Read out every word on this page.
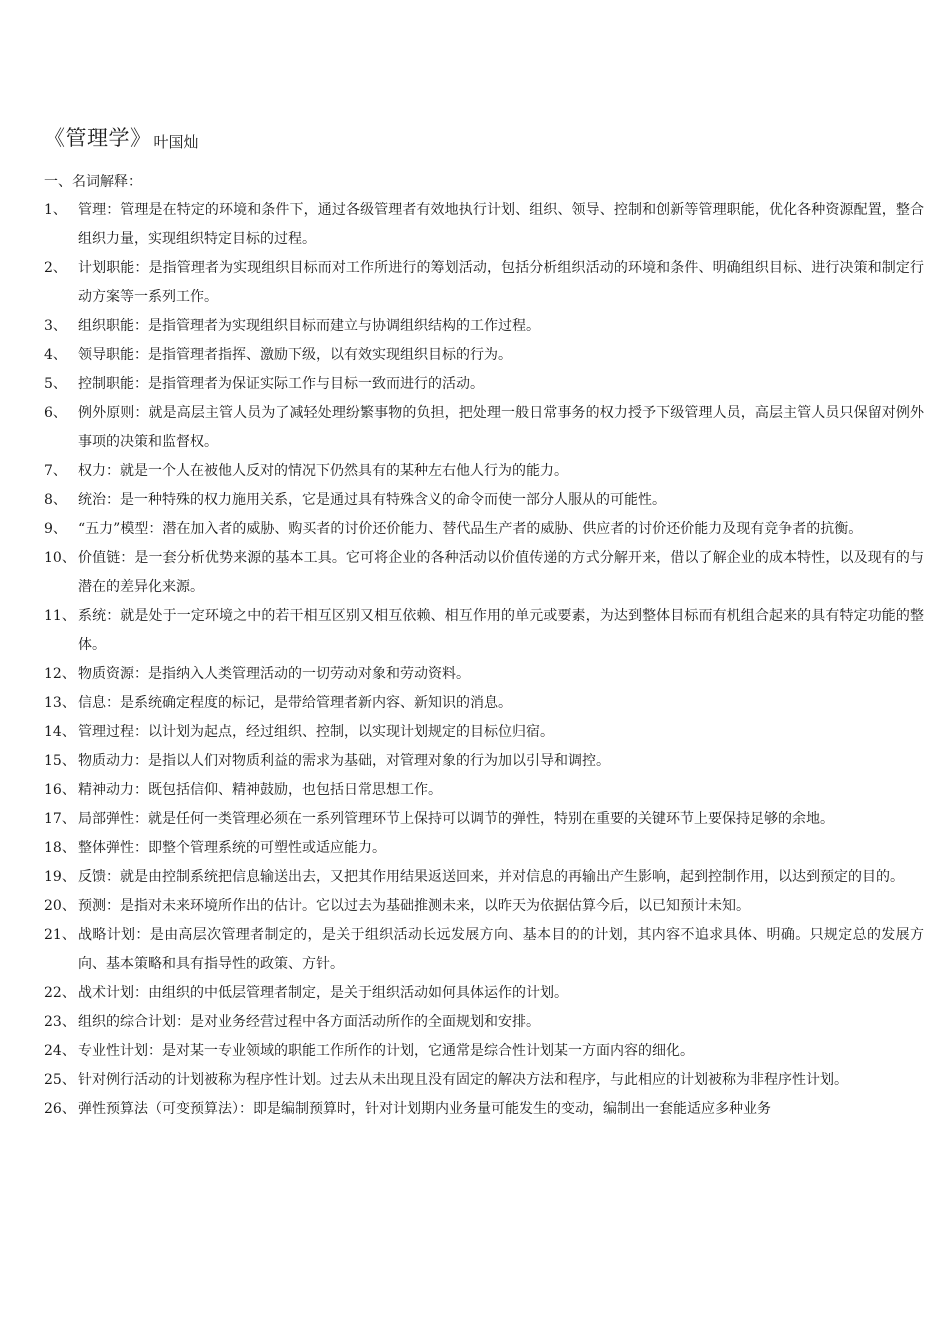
《管理学》 叶国灿
一、名词解释：
1、 管理：管理是在特定的环境和条件下，通过各级管理者有效地执行计划、组织、领导、控制和创新等管理职能，优化各种资源配置，整合组织力量，实现组织特定目标的过程。
2、 计划职能：是指管理者为实现组织目标而对工作所进行的筹划活动，包括分析组织活动的环境和条件、明确组织目标、进行决策和制定行动方案等一系列工作。
3、 组织职能：是指管理者为实现组织目标而建立与协调组织结构的工作过程。
4、 领导职能：是指管理者指挥、激励下级，以有效实现组织目标的行为。
5、 控制职能：是指管理者为保证实际工作与目标一致而进行的活动。
6、 例外原则：就是高层主管人员为了减轻处理纷繁事物的负担，把处理一般日常事务的权力授予下级管理人员，高层主管人员只保留对例外事项的决策和监督权。
7、 权力：就是一个人在被他人反对的情况下仍然具有的某种左右他人行为的能力。
8、 统治：是一种特殊的权力施用关系，它是通过具有特殊含义的命令而使一部分人服从的可能性。
9、 “五力”模型：潜在加入者的威胁、购买者的讨价还价能力、替代品生产者的威胁、供应者的讨价还价能力及现有竞争者的抗衡。
10、 价值链：是一套分析优势来源的基本工具。它可将企业的各种活动以价值传递的方式分解开来，借以了解企业的成本特性，以及现有的与潜在的差异化来源。
11、 系统：就是处于一定环境之中的若干相互区别又相互依赖、相互作用的单元或要素，为达到整体目标而有机组合起来的具有特定功能的整体。
12、 物质资源：是指纳入人类管理活动的一切劳动对象和劳动资料。
13、 信息：是系统确定程度的标记，是带给管理者新内容、新知识的消息。
14、 管理过程：以计划为起点，经过组织、控制，以实现计划规定的目标位归宿。
15、 物质动力：是指以人们对物质利益的需求为基础，对管理对象的行为加以引导和调控。
16、 精神动力：既包括信仰、精神鼓励，也包括日常思想工作。
17、 局部弹性：就是任何一类管理必须在一系列管理环节上保持可以调节的弹性，特别在重要的关键环节上要保持足够的余地。
18、 整体弹性：即整个管理系统的可塑性或适应能力。
19、 反馈：就是由控制系统把信息输送出去，又把其作用结果返送回来，并对信息的再输出产生影响，起到控制作用，以达到预定的目的。
20、 预测：是指对未来环境所作出的估计。它以过去为基础推测未来，以昨天为依据估算今后，以已知预计未知。
21、 战略计划：是由高层次管理者制定的，是关于组织活动长远发展方向、基本目的的计划，其内容不追求具体、明确。只规定总的发展方向、基本策略和具有指导性的政策、方针。
22、 战术计划：由组织的中低层管理者制定，是关于组织活动如何具体运作的计划。
23、 组织的综合计划：是对业务经营过程中各方面活动所作的全面规划和安排。
24、 专业性计划：是对某一专业领域的职能工作所作的计划，它通常是综合性计划某一方面内容的细化。
25、 针对例行活动的计划被称为程序性计划。过去从未出现且没有固定的解决方法和程序，与此相应的计划被称为非程序性计划。
26、 弹性预算法（可变预算法）：即是编制预算时，针对计划期内业务量可能发生的变动，编制出一套能适应多种业务
